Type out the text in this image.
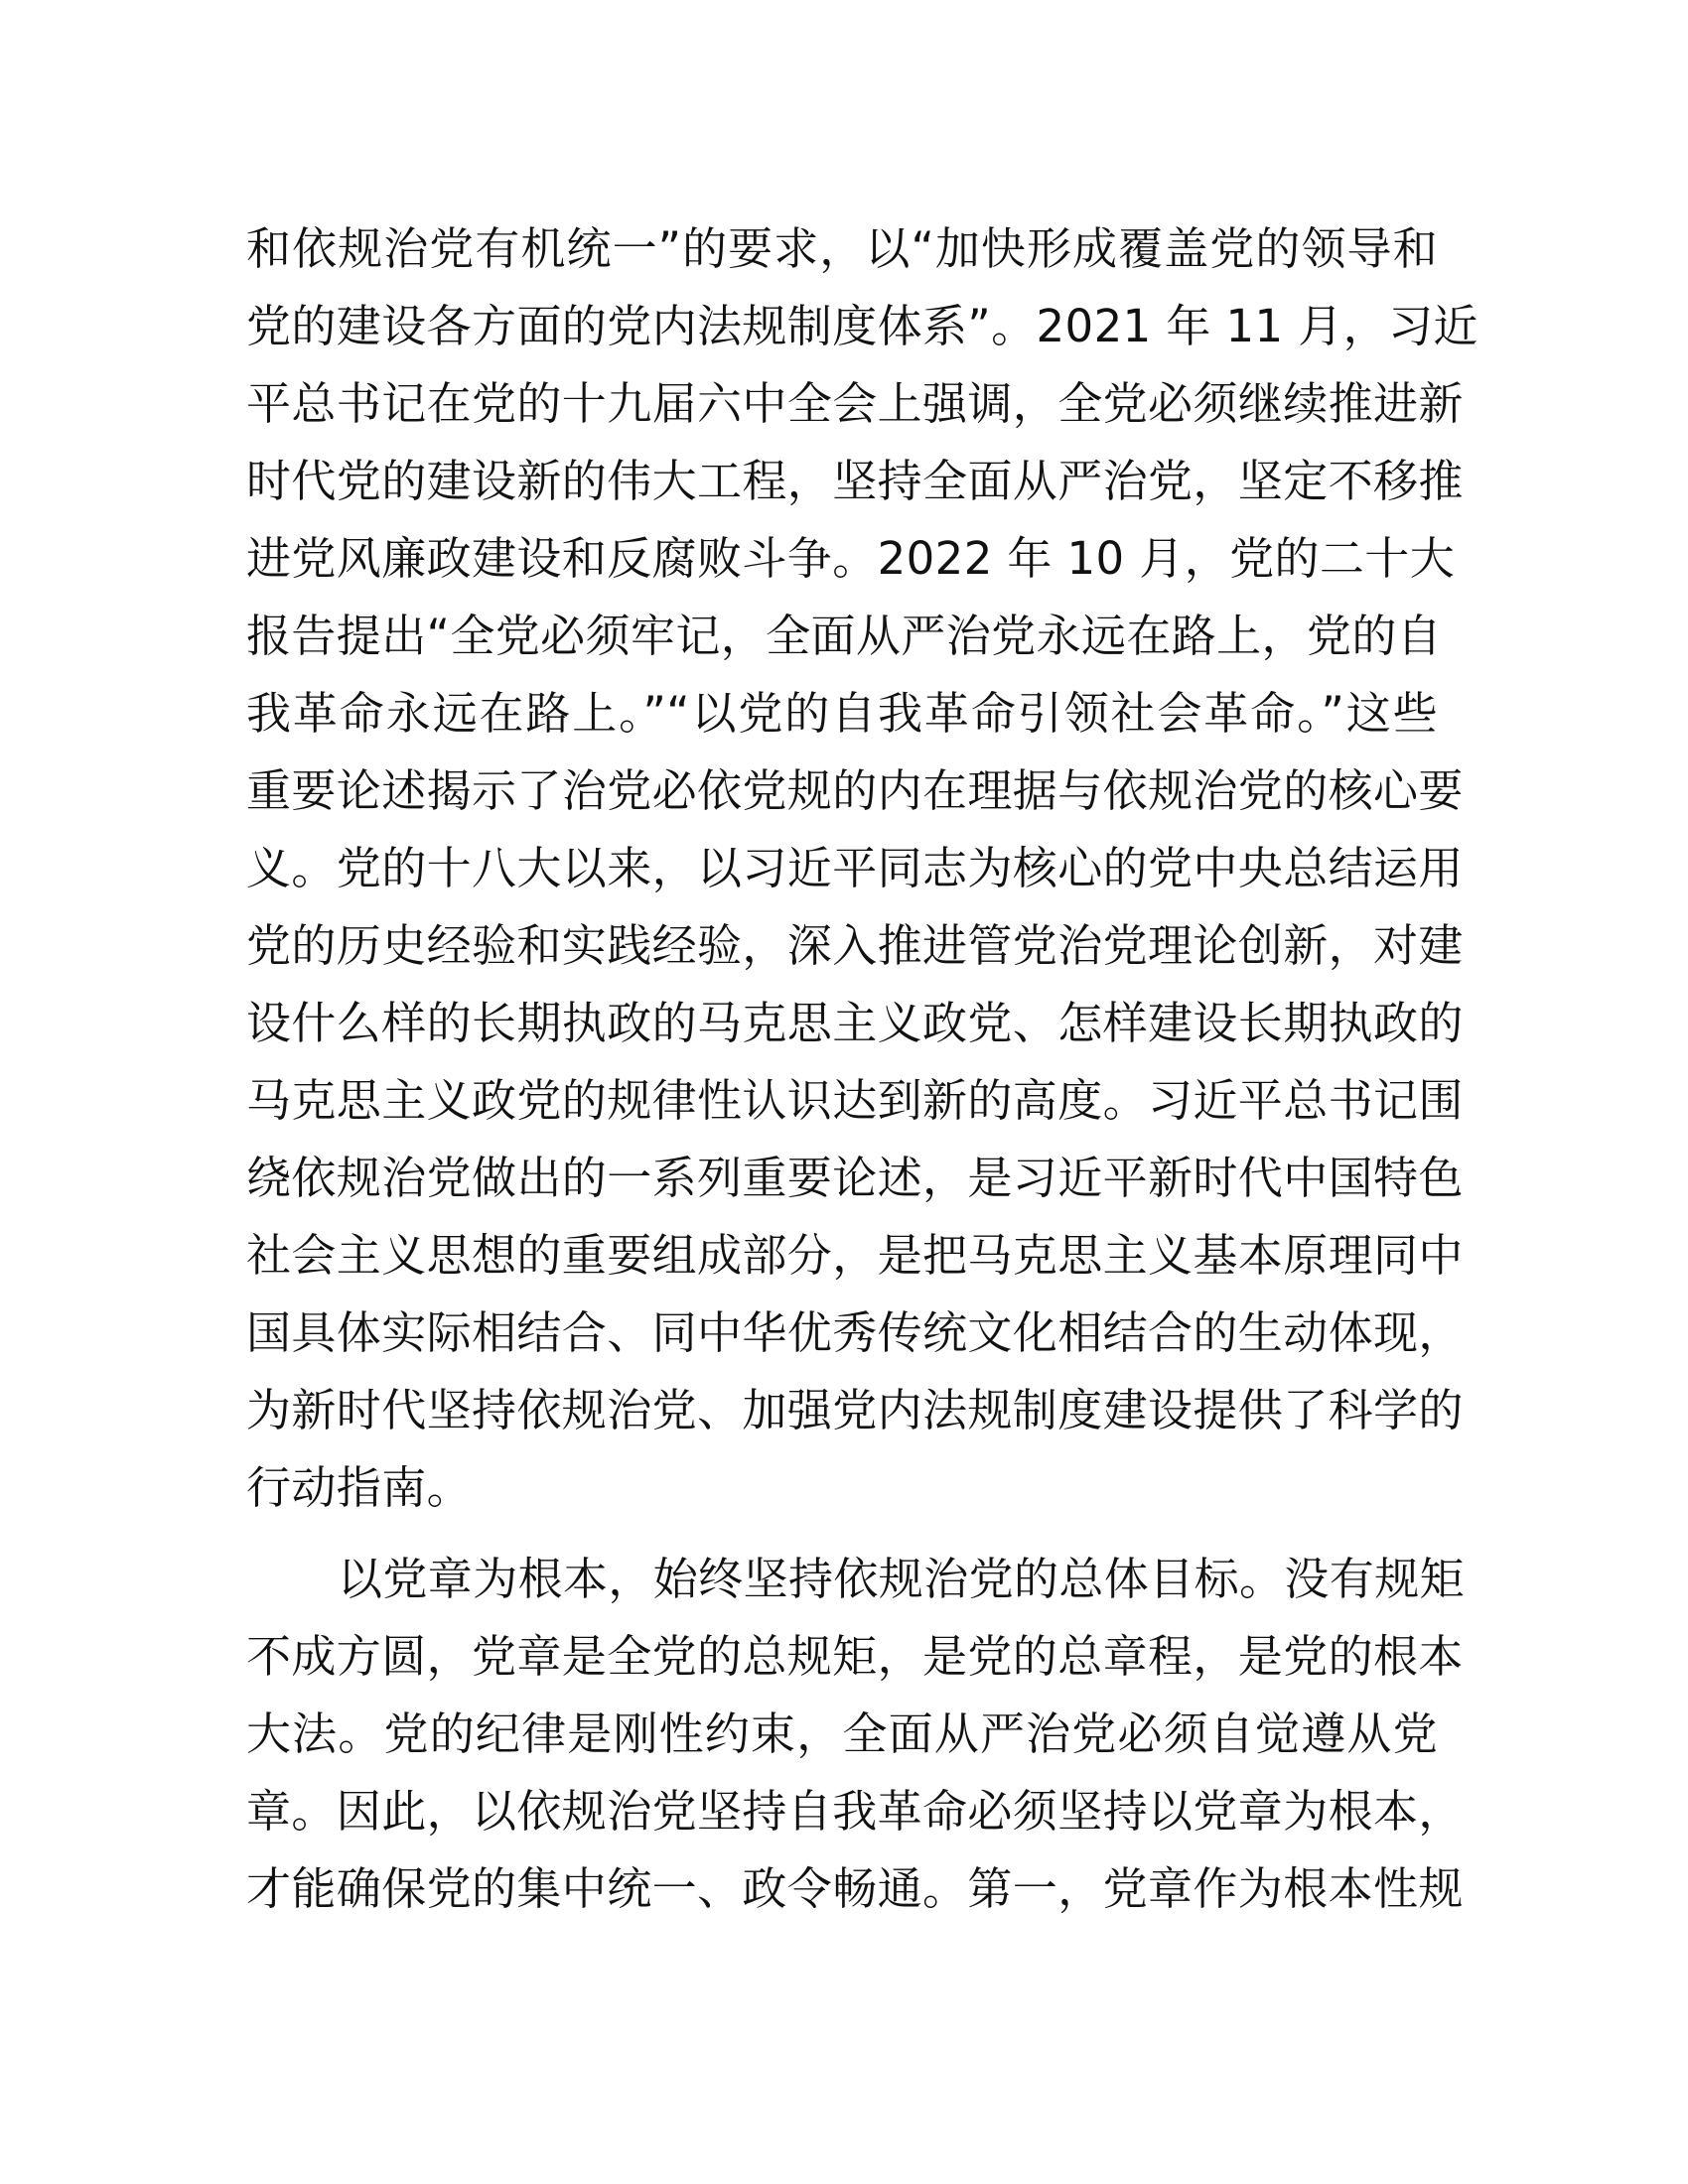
和依规治党有机统一”的要求，以“加快形成覆盖党的领导和
党的建设各方面的党内法规制度体系”。2021 年 11 月，习近
平总书记在党的十九届六中全会上强调，全党必须继续推进新
时代党的建设新的伟大工程，坚持全面从严治党，坚定不移推
进党风廉政建设和反腐败斗争。2022 年 10 月，党的二十大
报告提出“全党必须牢记，全面从严治党永远在路上，党的自
我革命永远在路上。”“以党的自我革命引领社会革命。”这些
重要论述揭示了治党必依党规的内在理据与依规治党的核心要
义。党的十八大以来，以习近平同志为核心的党中央总结运用
党的历史经验和实践经验，深入推进管党治党理论创新，对建
设什么样的长期执政的马克思主义政党、怎样建设长期执政的
马克思主义政党的规律性认识达到新的高度。习近平总书记围
绕依规治党做出的一系列重要论述，是习近平新时代中国特色
社会主义思想的重要组成部分，是把马克思主义基本原理同中
国具体实际相结合、同中华优秀传统文化相结合的生动体现，
为新时代坚持依规治党、加强党内法规制度建设提供了科学的
行动指南。
以党章为根本，始终坚持依规治党的总体目标。没有规矩
不成方圆，党章是全党的总规矩，是党的总章程，是党的根本
大法。党的纪律是刚性约束，全面从严治党必须自觉遵从党
章。因此，以依规治党坚持自我革命必须坚持以党章为根本，
才能确保党的集中统一、政令畅通。第一，党章作为根本性规
